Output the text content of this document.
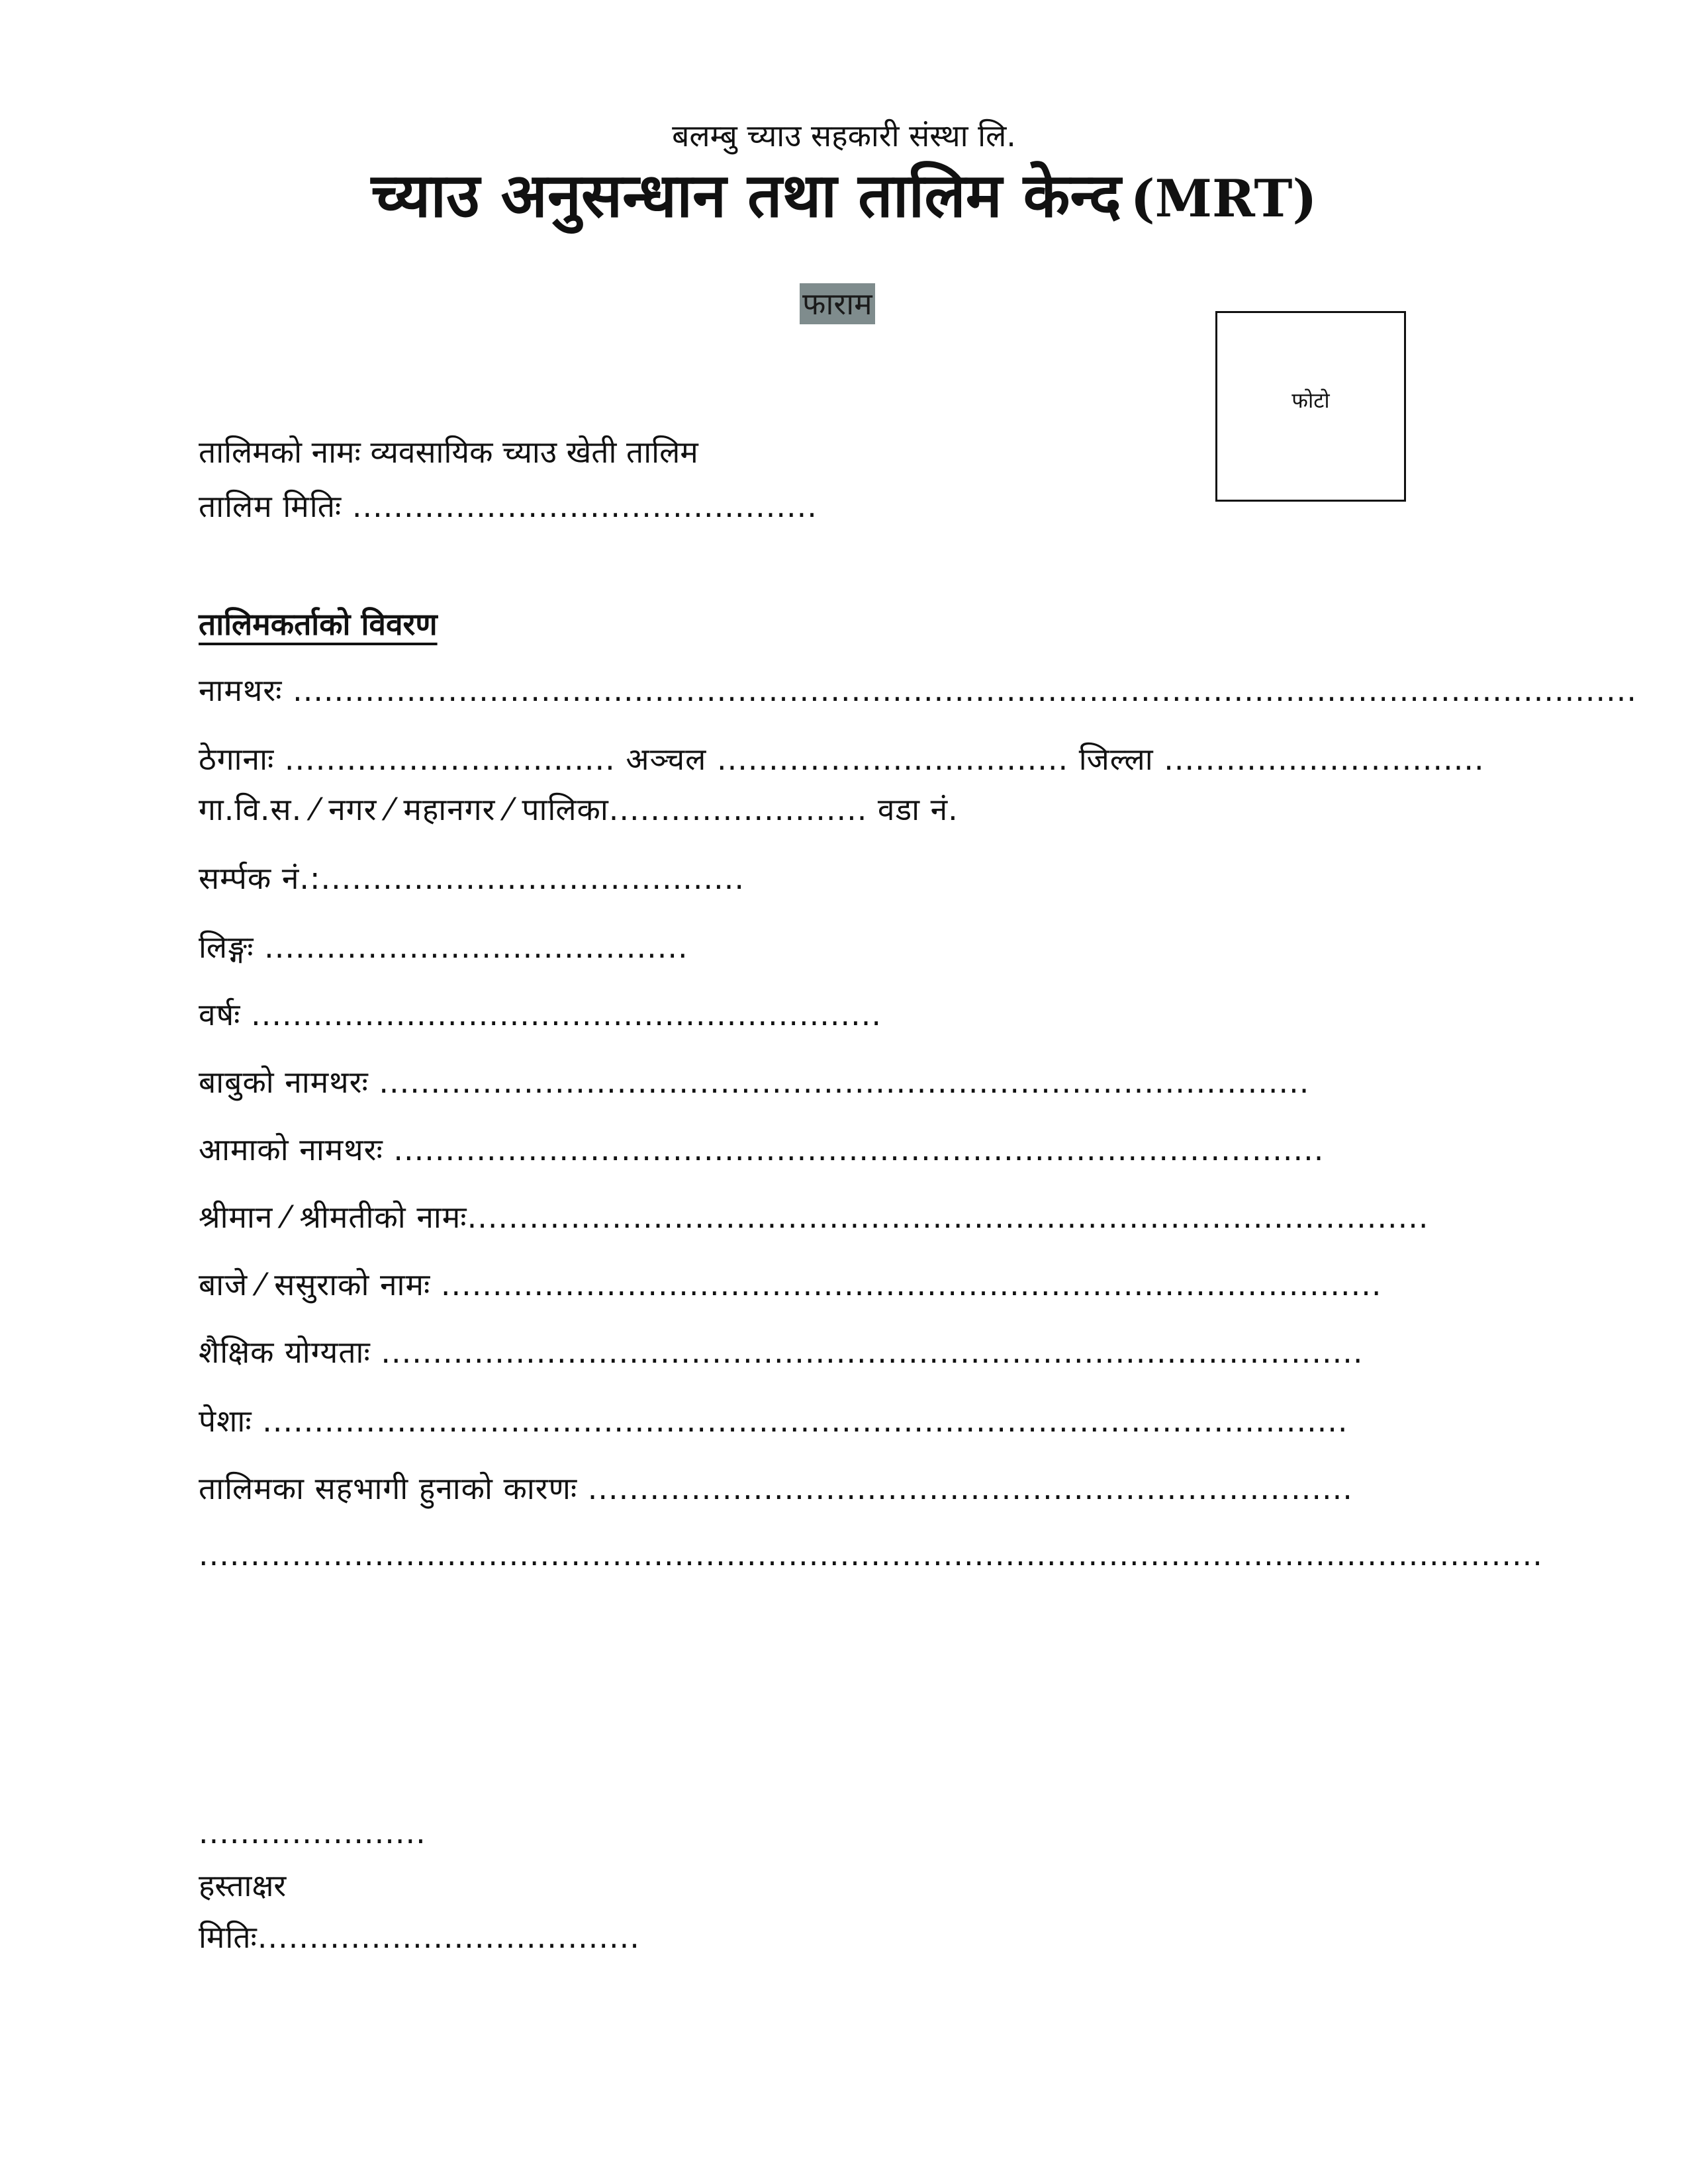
बलम्बु च्याउ सहकारी संस्था लि.
च्याउ अनुसन्धान तथा तालिम केन्द (MRT)
फाराम
फोटो
तालिमको नामः व्यवसायिक च्याउ खेती तालिम
तालिम मितिः .............................................
तालिमकर्ताको विवरण
नामथरः ..................................................................................................................................
ठेगानाः ................................ अञ्चल .................................. जिल्ला ...............................
गा.वि.स. ⁄ नगर ⁄ महानगर ⁄ पालिका......................... वडा नं.
सर्म्पक नं.:.........................................
लिङ्गः .........................................
वर्षः .............................................................
बाबुको नामथरः ..........................................................................................
आमाको नामथरः ..........................................................................................
श्रीमान ⁄ श्रीमतीको नामः.............................................................................................
बाजे ⁄ ससुराको नामः ...........................................................................................
शैक्षिक योग्यताः ...............................................................................................
पेशाः .........................................................................................................
तालिमका सहभागी हुनाको कारणः ..........................................................................
..................................................................................................................................
......................
हस्ताक्षर
मितिः.....................................
